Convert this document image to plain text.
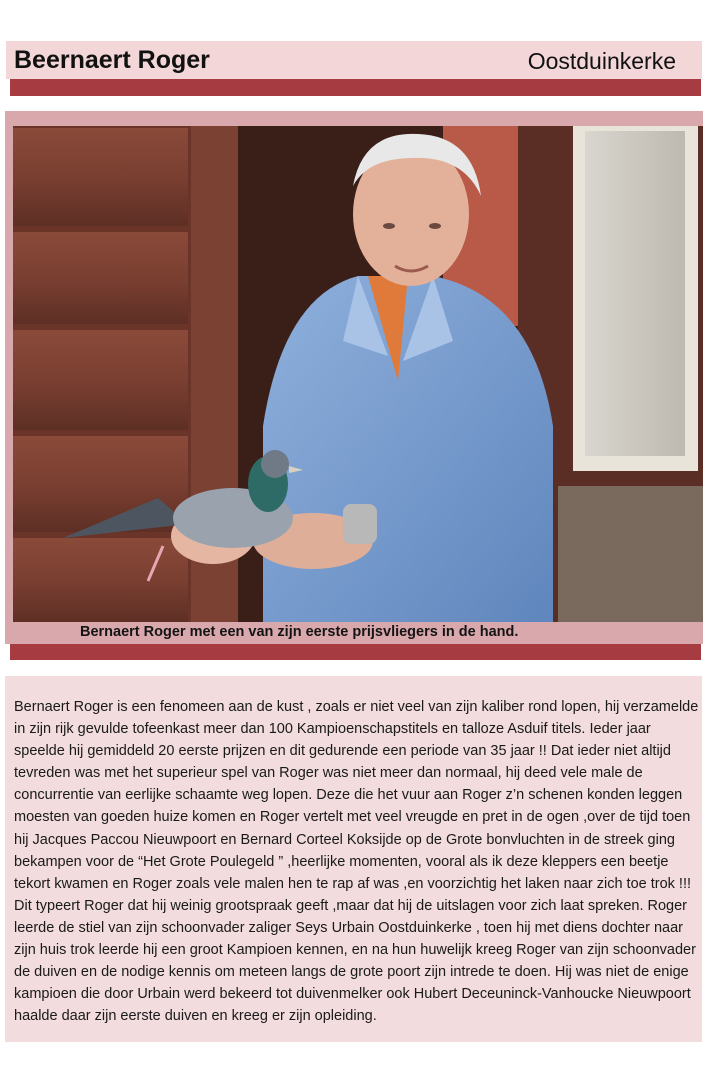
Beernaert Roger	Oostduinkerke
Bernaert Roger met een van zijn eerste prijsvliegers in de hand.

Bernaert Roger is een fenomeen aan de kust , zoals er niet veel van zijn kaliber rond lopen, hij verzamelde in zijn rijk gevulde tofeenkast meer dan 100 Kampioenschapstitels en talloze Asduif titels. Ieder jaar speelde hij gemiddeld 20 eerste prijzen en dit gedurende een periode van 35 jaar !! Dat ieder niet altijd tevreden was met het superieur spel van Roger was niet meer dan normaal, hij deed vele male de concurrentie van eerlijke schaamte weg lopen. Deze die het vuur aan Roger z’n schenen konden leggen moesten van goeden huize komen en Roger vertelt met veel vreugde en pret in de ogen ,over de tijd toen hij Jacques Paccou Nieuwpoort en Bernard Corteel Koksijde op de Grote bonvluchten in de streek ging bekampen voor de “Het Grote Poulegeld ” ,heerlijke momenten, vooral als ik deze kleppers een beetje tekort kwamen en Roger zoals vele malen hen te rap af was ,en voorzichtig het laken naar zich toe trok !!! Dit typeert Roger dat hij weinig grootspraak geeft ,maar dat hij de uitslagen voor zich laat spreken. Roger leerde de stiel van zijn schoonvader zaliger Seys Urbain Oostduinkerke , toen hij met diens dochter naar zijn huis trok leerde hij een groot Kampioen kennen, en na hun huwelijk kreeg Roger van zijn schoonvader de duiven en de nodige kennis om meteen langs de grote poort zijn intrede te doen. Hij was niet de enige kampioen die door Urbain werd bekeerd tot duivenmelker ook Hubert Deceuninck-Vanhoucke Nieuwpoort haalde daar zijn eerste duiven en kreeg er zijn opleiding.
